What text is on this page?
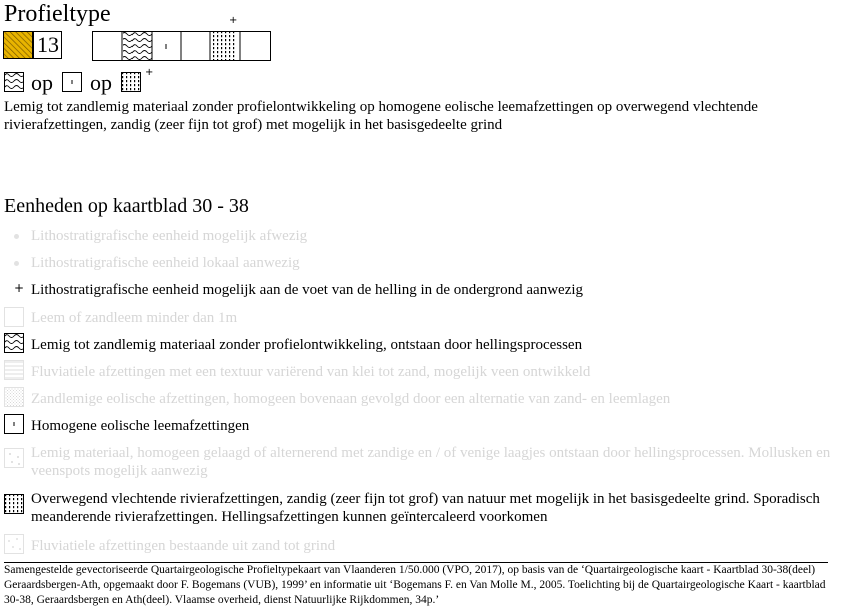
Profieltype
13
+
op op	+
Lemig tot zandlemig materiaal zonder profielontwikkeling op homogene eolische leemafzettingen op overwegend vlechtende rivierafzettingen, zandig (zeer fijn tot grof) met mogelijk in het basisgedeelte grind
Eenheden op kaartblad 30 - 38
Lithostratigrafische eenheid mogelijk afwezig
Lithostratigrafische eenheid lokaal aanwezig
+ Lithostratigrafische eenheid mogelijk aan de voet van de helling in de ondergrond aanwezig
Leem of zandleem minder dan 1m
Lemig tot zandlemig materiaal zonder profielontwikkeling, ontstaan door hellingsprocessen
Fluviatiele afzettingen met een textuur variërend van klei tot zand, mogelijk veen ontwikkeld
Zandlemige eolische afzettingen, homogeen bovenaan gevolgd door een alternatie van zand- en leemlagen
Homogene eolische leemafzettingen
Lemig materiaal, homogeen gelaagd of alternerend met zandige en / of venige laagjes ontstaan door hellingsprocessen. Mollusken en veenspots mogelijk aanwezig
Overwegend vlechtende rivierafzettingen, zandig (zeer fijn tot grof) van natuur met mogelijk in het basisgedeelte grind. Sporadisch meanderende rivierafzettingen. Hellingsafzettingen kunnen geïntercaleerd voorkomen
Fluviatiele afzettingen bestaande uit zand tot grind
Samengestelde gevectoriseerde Quartairgeologische Profieltypekaart van Vlaanderen 1/50.000 (VPO, 2017), op basis van de ‘Quartairgeologische kaart - Kaartblad 30-38(deel) Geraardsbergen-Ath, opgemaakt door F. Bogemans (VUB), 1999’ en informatie uit ‘Bogemans F. en Van Molle M., 2005. Toelichting bij de Quartairgeologische Kaart - kaartblad 30-38, Geraardsbergen en Ath(deel). Vlaamse overheid, dienst Natuurlijke Rijkdommen, 34p.’
